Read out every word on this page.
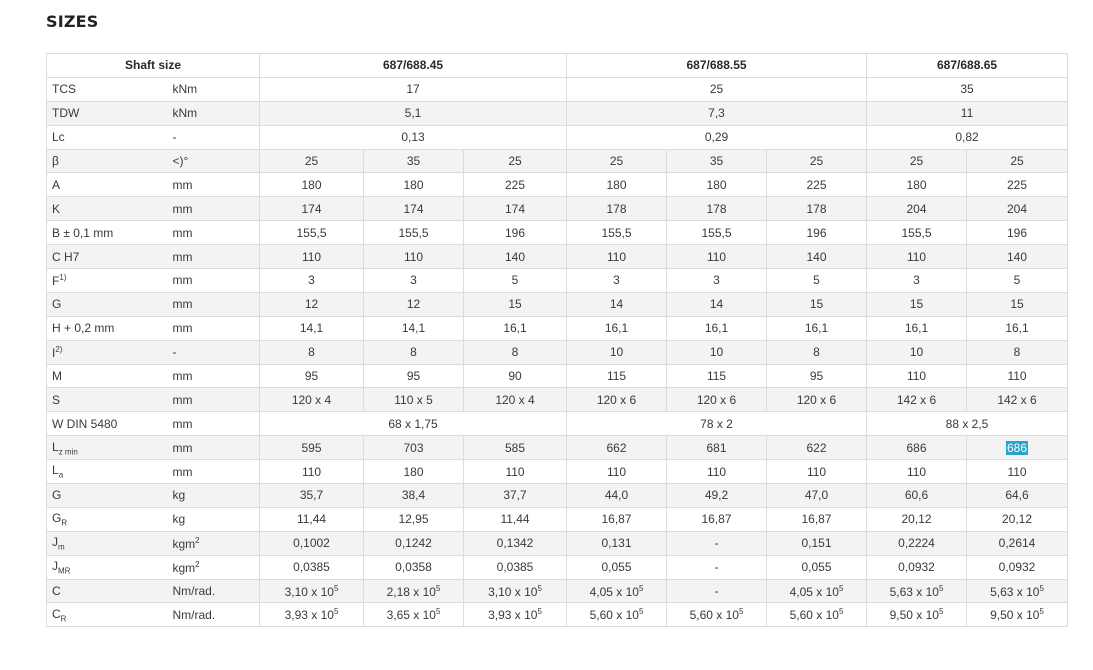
SIZES
Shaft size		687/688.45			687/688.55			687/688.65	
TCS	kNm	17			25			35	
TDW	kNm	5,1			7,3			11	
Lc	-	0,13			0,29			0,82	
β	<)°	25	35	25	25	35	25	25	25
A	mm	180	180	225	180	180	225	180	225
K	mm	174	174	174	178	178	178	204	204
B ± 0,1 mm	mm	155,5	155,5	196	155,5	155,5	196	155,5	196
C H7	mm	110	110	140	110	110	140	110	140
$F^{1)}$	mm	3	3	5	3	3	5	3	5
G	mm	12	12	15	14	14	15	15	15
H + 0,2 mm	mm	14,1	14,1	16,1	16,1	16,1	16,1	16,1	16,1
$I^{2)}$	-	8	8	8	10	10	8	10	8
M	mm	95	95	90	115	115	95	110	110
S	mm	120 x 4	110 x 5	120 x 4	120 x 6	120 x 6	120 x 6	142 x 6	142 x 6
W DIN 5480	mm	68 x 1,75			78 x 2			88 x 2,5	
$L_{z min}$	mm	595	703	585	662	681	622	686	686
$L_a$	mm	110	180	110	110	110	110	110	110
G	kg	35,7	38,4	37,7	44,0	49,2	47,0	60,6	64,6
$G_R$	kg	11,44	12,95	11,44	16,87	16,87	16,87	20,12	20,12
$J_m$	kgm$^2$	0,1002	0,1242	0,1342	0,131	-	0,151	0,2224	0,2614
$J_{MR}$	kgm$^2$	0,0385	0,0358	0,0385	0,055	-	0,055	0,0932	0,0932
C	Nm/rad.	3,10 x $10^5$	2,18 x $10^5$	3,10 x $10^5$	4,05 x $10^5$	-	4,05 x $10^5$	5,63 x $10^5$	5,63 x $10^5$
$C_R$	Nm/rad.	3,93 x $10^5$	3,65 x $10^5$	3,93 x $10^5$	5,60 x $10^5$	5,60 x $10^5$	5,60 x $10^5$	9,50 x $10^5$	9,50 x $10^5$
